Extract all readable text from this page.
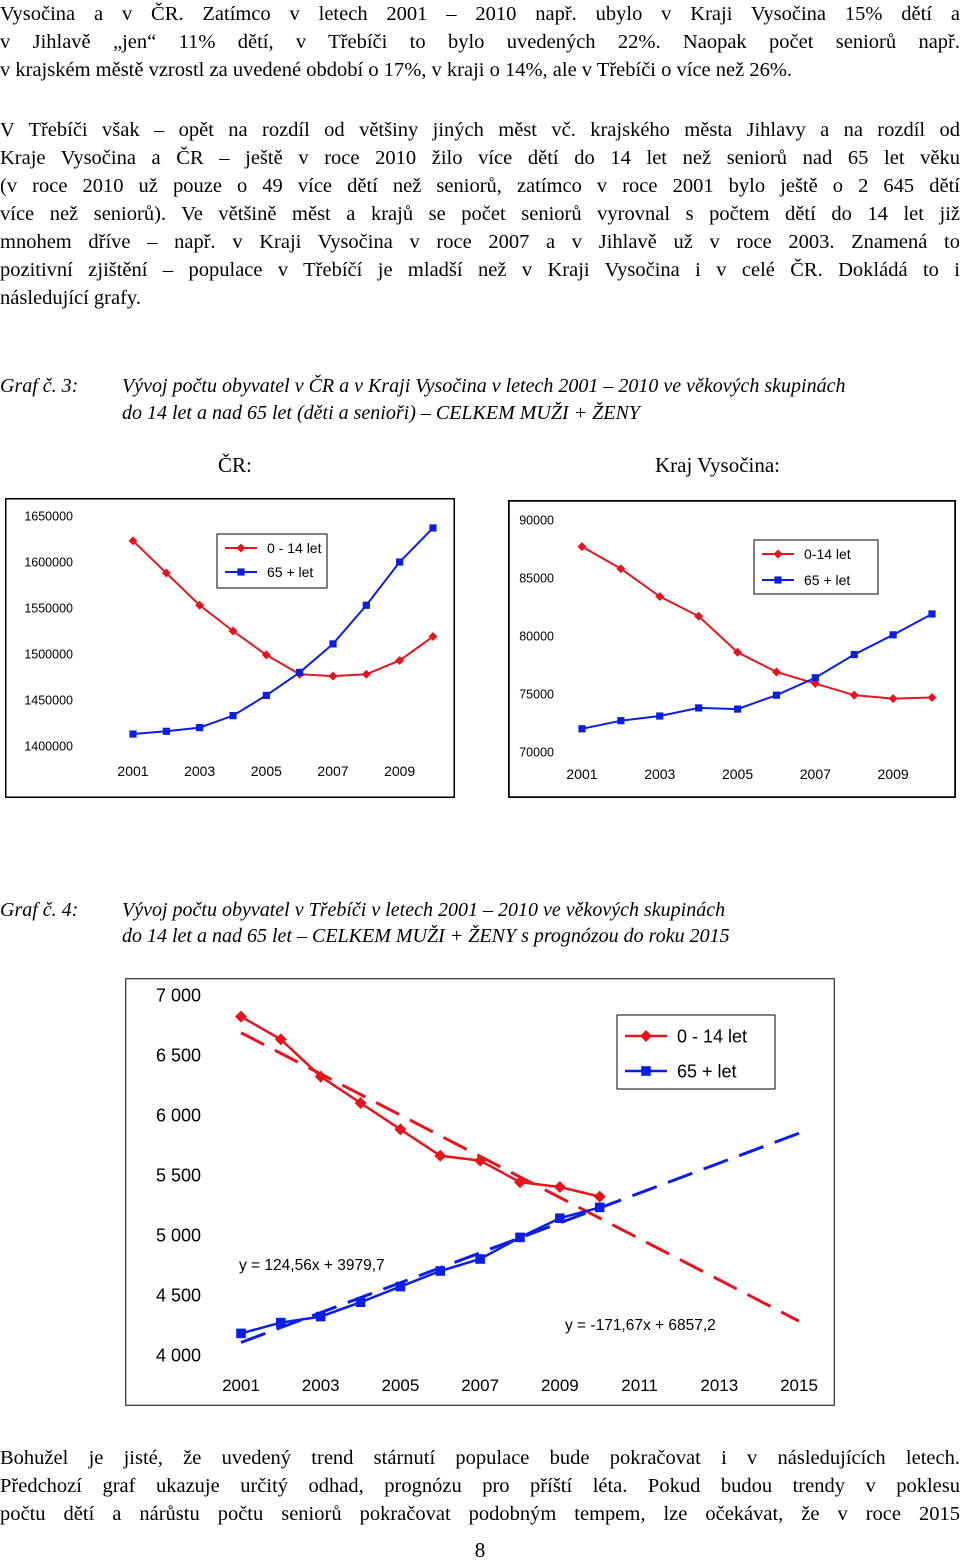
Vysočina a v ČR. Zatímco v letech 2001 – 2010 např. ubylo v Kraji Vysočina 15% dětí a
v Jihlavě „jen“ 11% dětí, v Třebíči to bylo uvedených 22%. Naopak počet seniorů např.
v krajském městě vzrostl za uvedené období o 17%, v kraji o 14%, ale v Třebíči o více než 26%.
V Třebíči však – opět na rozdíl od většiny jiných měst vč. krajského města Jihlavy a na rozdíl od
Kraje Vysočina a ČR – ještě v roce 2010 žilo více dětí do 14 let než seniorů nad 65 let věku
(v roce 2010 už pouze o 49 více dětí než seniorů, zatímco v roce 2001 bylo ještě o 2 645 dětí
více než seniorů). Ve většině měst a krajů se počet seniorů vyrovnal s počtem dětí do 14 let již
mnohem dříve – např. v Kraji Vysočina v roce 2007 a v Jihlavě už v roce 2003. Znamená to
pozitivní zjištění – populace v Třebíčí je mladší než v Kraji Vysočina i v celé ČR. Dokládá to i
následující grafy.
Graf č. 3: Vývoj počtu obyvatel v ČR a v Kraji Vysočina v letech 2001 – 2010 ve věkových skupinách
do 14 let a nad 65 let (děti a senioři) – CELKEM MUŽI + ŽENY
ČR:	Kraj Vysočina:
1650000
1600000
1550000
1500000
1450000
1400000
2001	2003	2005	2007	2009
0 - 14 let
65 + let
90000
85000
80000
75000
70000
2001	2003	2005	2007	2009
0-14 let
65 + let
Graf č. 4: Vývoj počtu obyvatel v Třebíči v letech 2001 – 2010 ve věkových skupinách
do 14 let a nad 65 let – CELKEM MUŽI + ŽENY s prognózou do roku 2015
7 000
6 500
6 000
5 500
5 000
4 500
4 000
2001 2003 2005 2007 2009	2011	2013 2015
0 - 14 let
65 + let
y = -171,67x + 6857,2
y = 124,56x + 3979,7
Bohužel je jisté, že uvedený trend stárnutí populace bude pokračovat i v následujících letech.
Předchozí graf ukazuje určitý odhad, prognózu pro příští léta. Pokud budou trendy v poklesu
počtu dětí a nárůstu počtu seniorů pokračovat podobným tempem, lze očekávat, že v roce 2015
8
